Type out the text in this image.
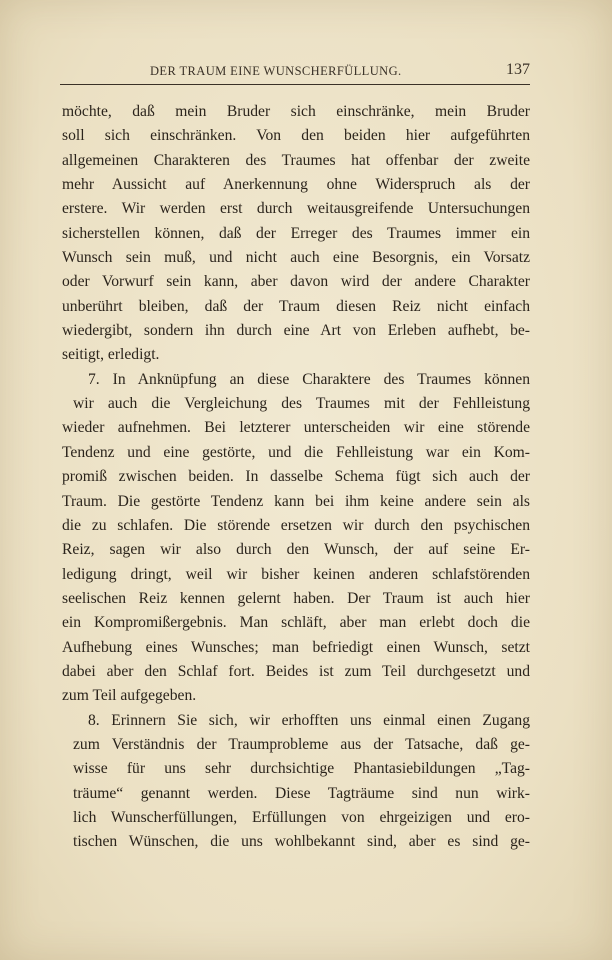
DER TRAUM EINE WUNSCHERFÜLLUNG.	137
möchte, daß mein Bruder sich einschränke, mein Bruder
soll sich einschränken. Von den beiden hier aufgeführten
allgemeinen Charakteren des Traumes hat offenbar der zweite
mehr Aussicht auf Anerkennung ohne Widerspruch als der
erstere. Wir werden erst durch weitausgreifende Untersuchungen
sicherstellen können, daß der Erreger des Traumes immer ein
Wunsch sein muß, und nicht auch eine Besorgnis, ein Vorsatz
oder Vorwurf sein kann, aber davon wird der andere Charakter
unberührt bleiben, daß der Traum diesen Reiz nicht einfach
wiedergibt, sondern ihn durch eine Art von Erleben aufhebt, be-
seitigt, erledigt.
7. In Anknüpfung an diese Charaktere des Traumes können
wir auch die Vergleichung des Traumes mit der Fehlleistung
wieder aufnehmen. Bei letzterer unterscheiden wir eine störende
Tendenz und eine gestörte, und die Fehlleistung war ein Kom-
promiß zwischen beiden. In dasselbe Schema fügt sich auch der
Traum. Die gestörte Tendenz kann bei ihm keine andere sein als
die zu schlafen. Die störende ersetzen wir durch den psychischen
Reiz, sagen wir also durch den Wunsch, der auf seine Er-
ledigung dringt, weil wir bisher keinen anderen schlafstörenden
seelischen Reiz kennen gelernt haben. Der Traum ist auch hier
ein Kompromißergebnis. Man schläft, aber man erlebt doch die
Aufhebung eines Wunsches; man befriedigt einen Wunsch, setzt
dabei aber den Schlaf fort. Beides ist zum Teil durchgesetzt und
zum Teil aufgegeben.
8. Erinnern Sie sich, wir erhofften uns einmal einen Zugang
zum Verständnis der Traumprobleme aus der Tatsache, daß ge-
wisse für uns sehr durchsichtige Phantasiebildungen „Tag-
träume“ genannt werden. Diese Tagträume sind nun wirk-
lich Wunscherfüllungen, Erfüllungen von ehrgeizigen und ero-
tischen Wünschen, die uns wohlbekannt sind, aber es sind ge-
